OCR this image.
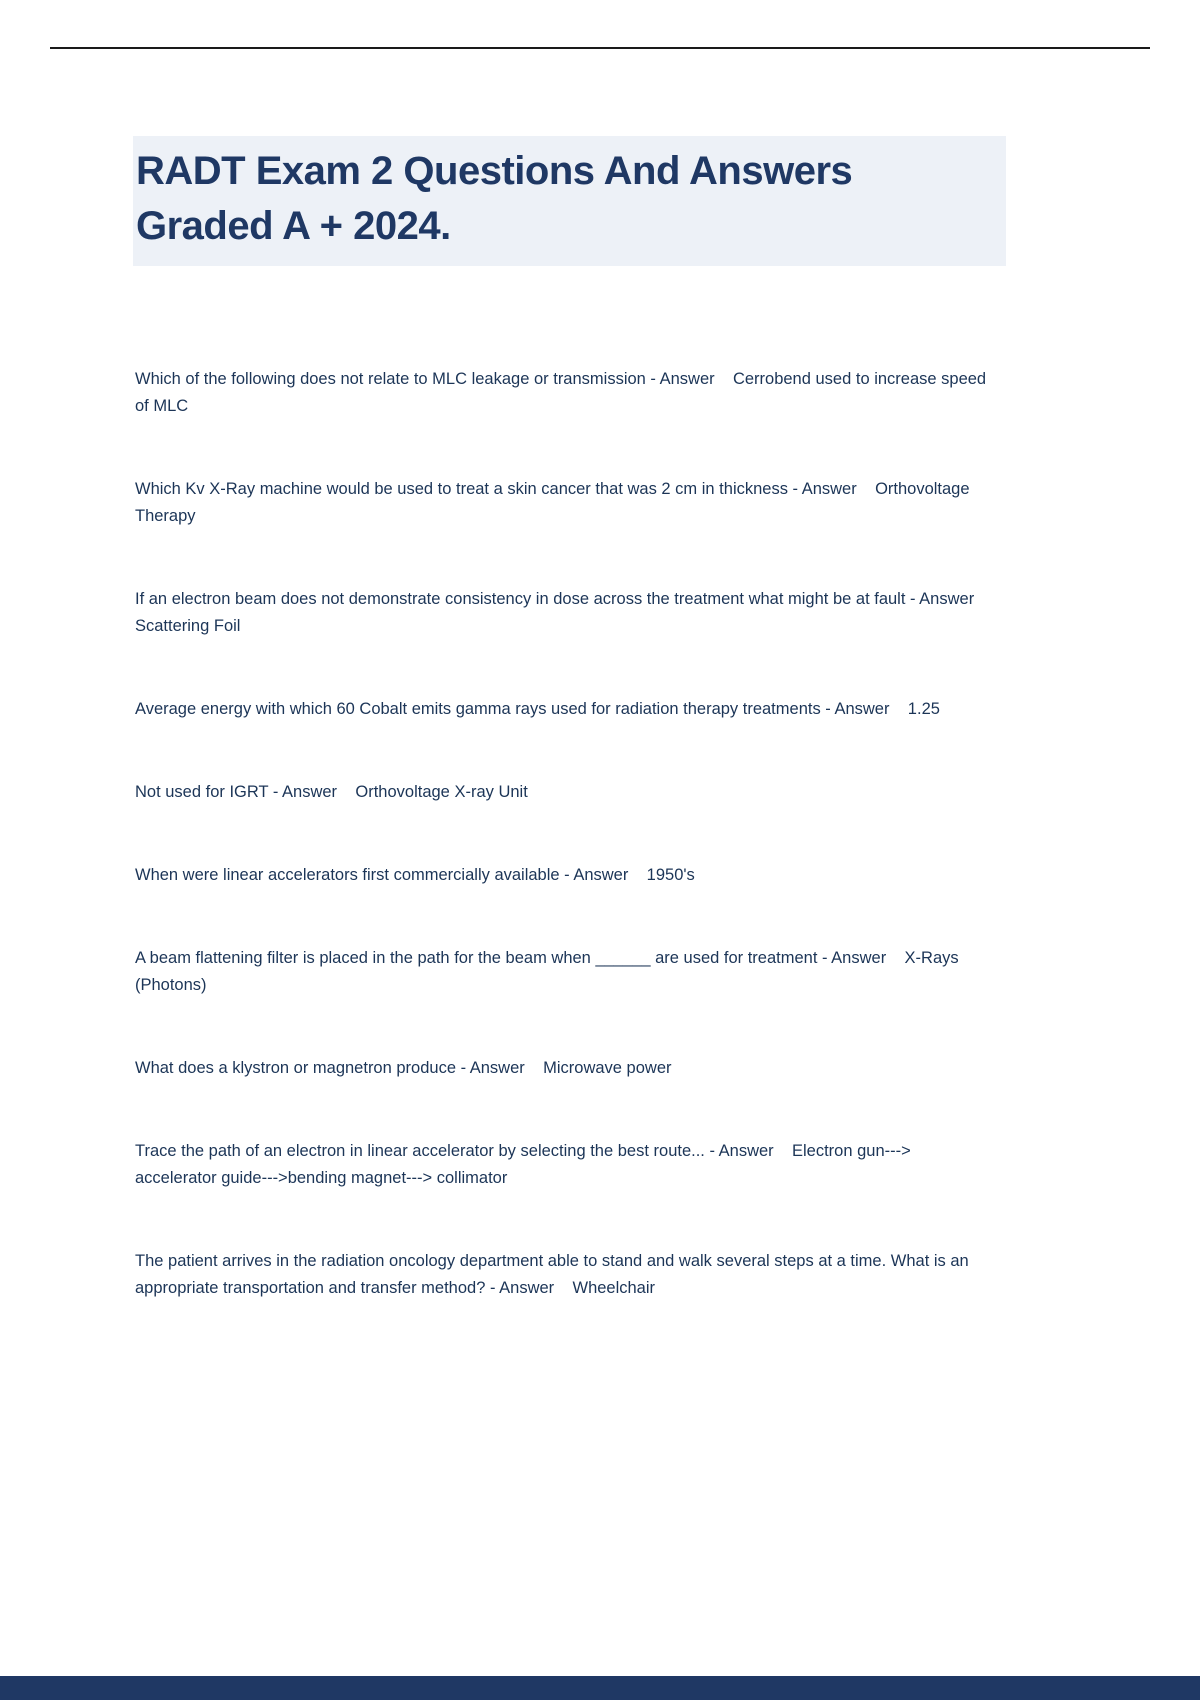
RADT Exam 2 Questions And Answers
Graded A + 2024.

Which of the following does not relate to MLC leakage or transmission - Answer    Cerrobend used to increase speed of MLC

Which Kv X-Ray machine would be used to treat a skin cancer that was 2 cm in thickness - Answer    Orthovoltage Therapy

If an electron beam does not demonstrate consistency in dose across the treatment what might be at fault - Answer    Scattering Foil

Average energy with which 60 Cobalt emits gamma rays used for radiation therapy treatments - Answer    1.25

Not used for IGRT - Answer    Orthovoltage X-ray Unit

When were linear accelerators first commercially available - Answer    1950's

A beam flattening filter is placed in the path for the beam when ______ are used for treatment - Answer    X-Rays (Photons)

What does a klystron or magnetron produce - Answer    Microwave power

Trace the path of an electron in linear accelerator by selecting the best route... - Answer    Electron gun---> accelerator guide--->bending magnet---> collimator

The patient arrives in the radiation oncology department able to stand and walk several steps at a time. What is an appropriate transportation and transfer method? - Answer    Wheelchair
